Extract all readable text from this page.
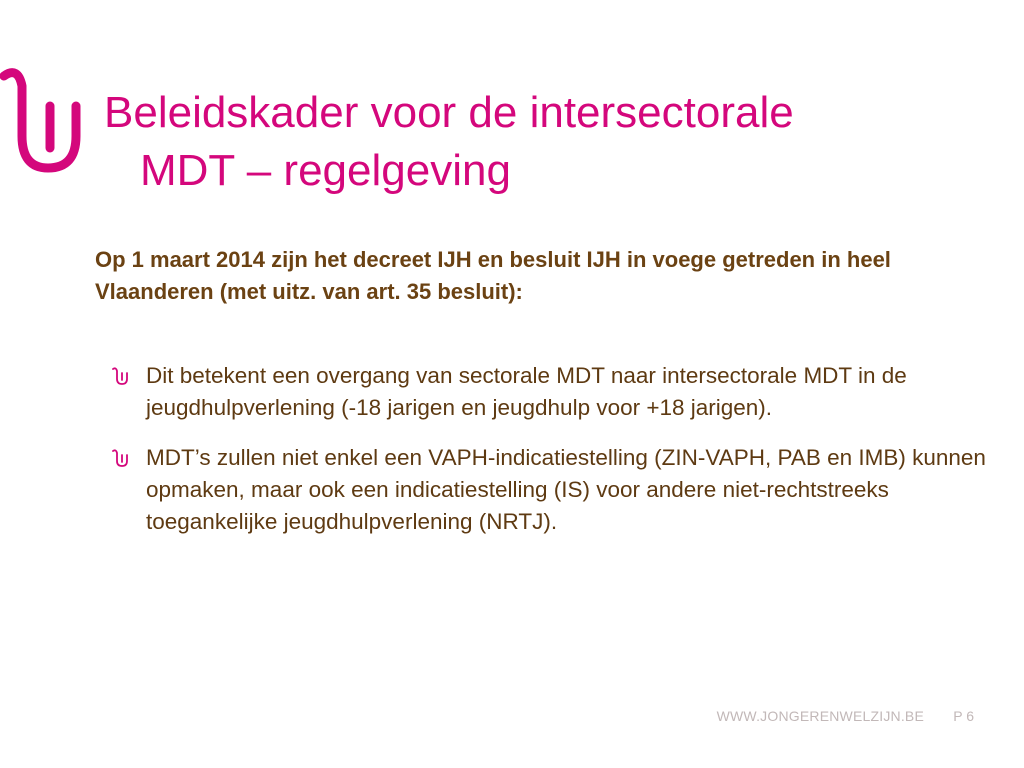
Beleidskader voor de intersectorale
MDT – regelgeving
Op 1 maart 2014 zijn het decreet IJH en besluit IJH in voege getreden in heel Vlaanderen (met uitz. van art. 35 besluit):
Dit betekent een overgang van sectorale MDT naar intersectorale MDT in de jeugdhulpverlening (-18 jarigen en jeugdhulp voor +18 jarigen).
MDT’s zullen niet enkel een VAPH-indicatiestelling (ZIN-VAPH, PAB en IMB) kunnen opmaken, maar ook een indicatiestelling (IS) voor andere niet-rechtstreeks toegankelijke jeugdhulpverlening (NRTJ).
WWW.JONGERENWELZIJN.BE P 6
